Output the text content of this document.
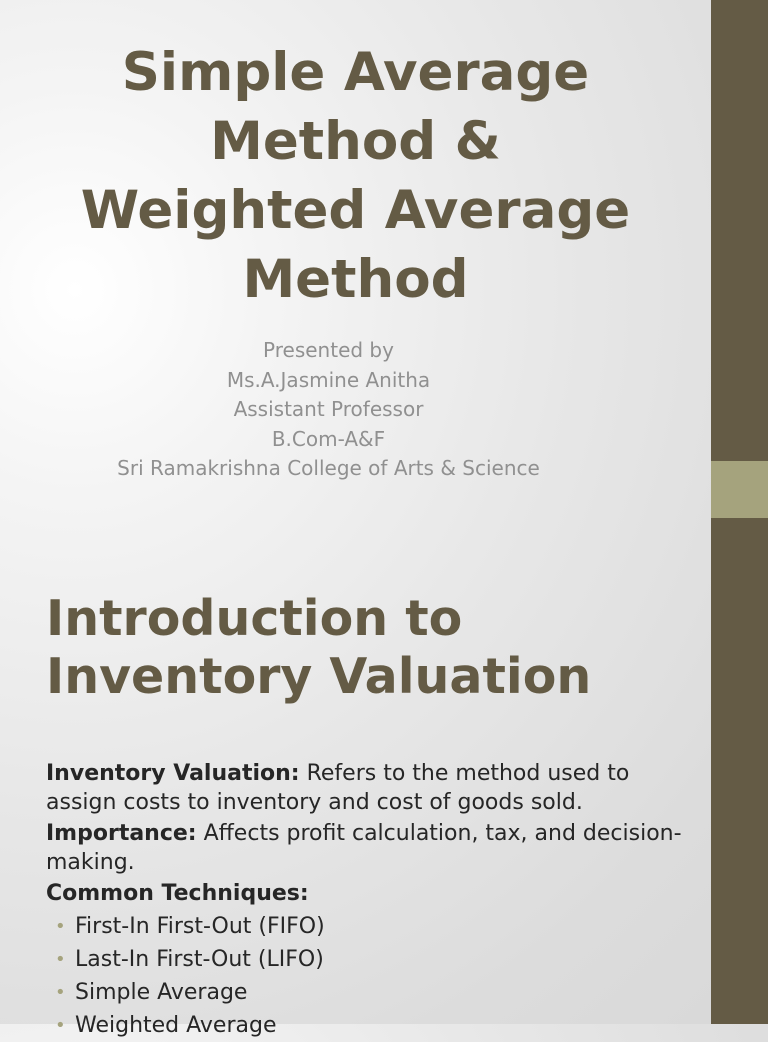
Simple Average
Method &
Weighted Average
Method
Presented by
Ms.A.Jasmine Anitha
Assistant Professor
B.Com-A&F
Sri Ramakrishna College of Arts & Science
Introduction to
Inventory Valuation

Inventory Valuation: Refers to the method used to assign costs to inventory and cost of goods sold.

Importance: Affects profit calculation, tax, and decision-making.

Common Techniques:

• First-In First-Out (FIFO)
• Last-In First-Out (LIFO)
• Simple Average
• Weighted Average
